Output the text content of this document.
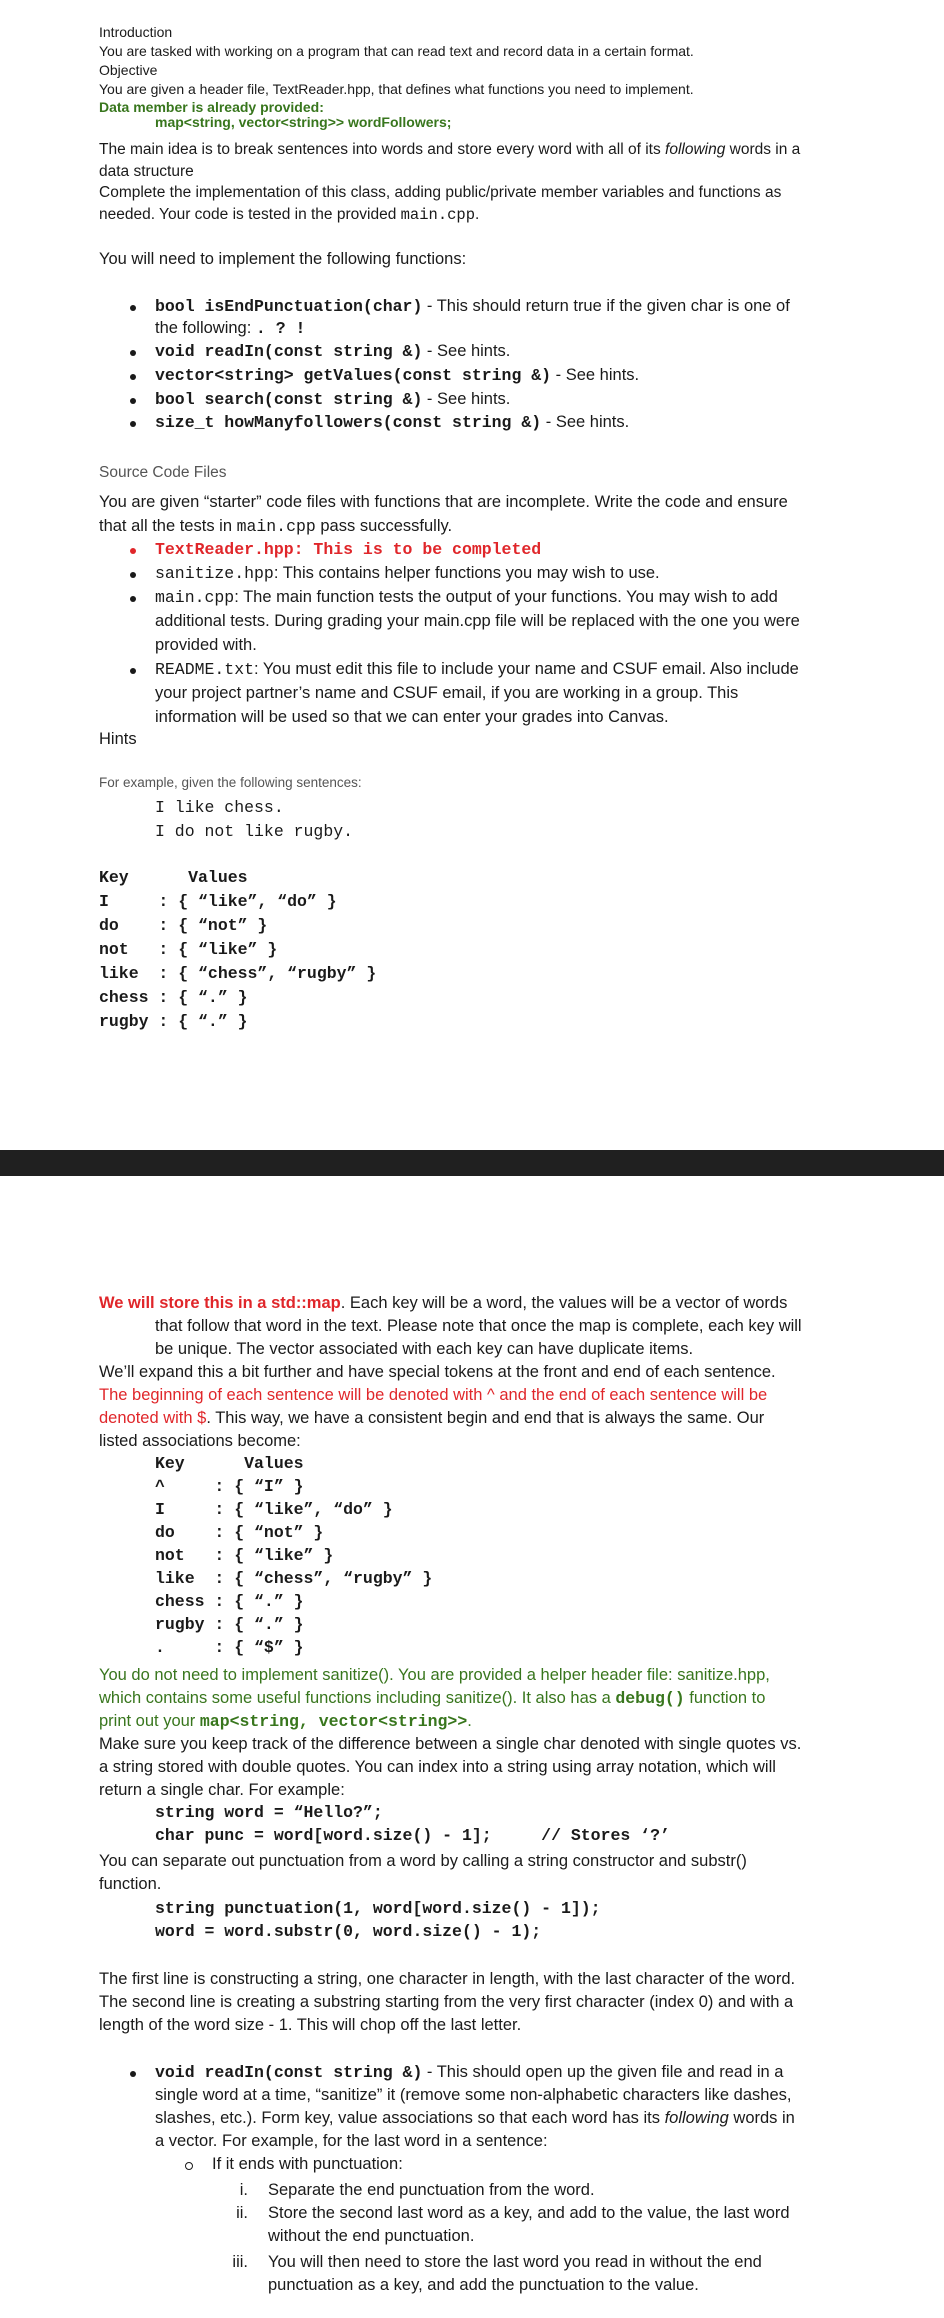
Introduction
You are tasked with working on a program that can read text and record data in a certain format.
Objective
You are given a header file, TextReader.hpp, that defines what functions you need to implement.
Data member is already provided:
map<string, vector<string>> wordFollowers;
The main idea is to break sentences into words and store every word with all of its following words in a
data structure
Complete the implementation of this class, adding public/private member variables and functions as
needed. Your code is tested in the provided main.cpp.
You will need to implement the following functions:
bool isEndPunctuation(char) - This should return true if the given char is one of
the following: . ? !
void readIn(const string &) - See hints.
vector<string> getValues(const string &) - See hints.
bool search(const string &) - See hints.
size_t howManyfollowers(const string &) - See hints.
Source Code Files
You are given “starter” code files with functions that are incomplete. Write the code and ensure
that all the tests in main.cpp pass successfully.
TextReader.hpp: This is to be completed
sanitize.hpp: This contains helper functions you may wish to use.
main.cpp: The main function tests the output of your functions. You may wish to add
additional tests. During grading your main.cpp file will be replaced with the one you were
provided with.
README.txt: You must edit this file to include your name and CSUF email. Also include
your project partner’s name and CSUF email, if you are working in a group. This
information will be used so that we can enter your grades into Canvas.
Hints
For example, given the following sentences:
I like chess.
I do not like rugby.
Key      Values
I     : { “like”, “do” }
do    : { “not” }
not   : { “like” }
like  : { “chess”, “rugby” }
chess : { “.” }
rugby : { “.” }
We will store this in a std::map. Each key will be a word, the values will be a vector of words
that follow that word in the text. Please note that once the map is complete, each key will
be unique. The vector associated with each key can have duplicate items.
We’ll expand this a bit further and have special tokens at the front and end of each sentence.
The beginning of each sentence will be denoted with ^ and the end of each sentence will be
denoted with $. This way, we have a consistent begin and end that is always the same. Our
listed associations become:
Key      Values
^     : { “I” }
I     : { “like”, “do” }
do    : { “not” }
not   : { “like” }
like  : { “chess”, “rugby” }
chess : { “.” }
rugby : { “.” }
.     : { “$” }
You do not need to implement sanitize(). You are provided a helper header file: sanitize.hpp,
which contains some useful functions including sanitize(). It also has a debug() function to
print out your map<string, vector<string>>.
Make sure you keep track of the difference between a single char denoted with single quotes vs.
a string stored with double quotes. You can index into a string using array notation, which will
return a single char. For example:
string word = “Hello?”;
char punc = word[word.size() - 1];     // Stores ‘?’
You can separate out punctuation from a word by calling a string constructor and substr()
function.
string punctuation(1, word[word.size() - 1]);
word = word.substr(0, word.size() - 1);
The first line is constructing a string, one character in length, with the last character of the word.
The second line is creating a substring starting from the very first character (index 0) and with a
length of the word size - 1. This will chop off the last letter.
void readIn(const string &) - This should open up the given file and read in a
single word at a time, “sanitize” it (remove some non-alphabetic characters like dashes,
slashes, etc.). Form key, value associations so that each word has its following words in
a vector. For example, for the last word in a sentence:
If it ends with punctuation:
i. Separate the end punctuation from the word.
ii. Store the second last word as a key, and add to the value, the last word
without the end punctuation.
iii. You will then need to store the last word you read in without the end
punctuation as a key, and add the punctuation to the value.
